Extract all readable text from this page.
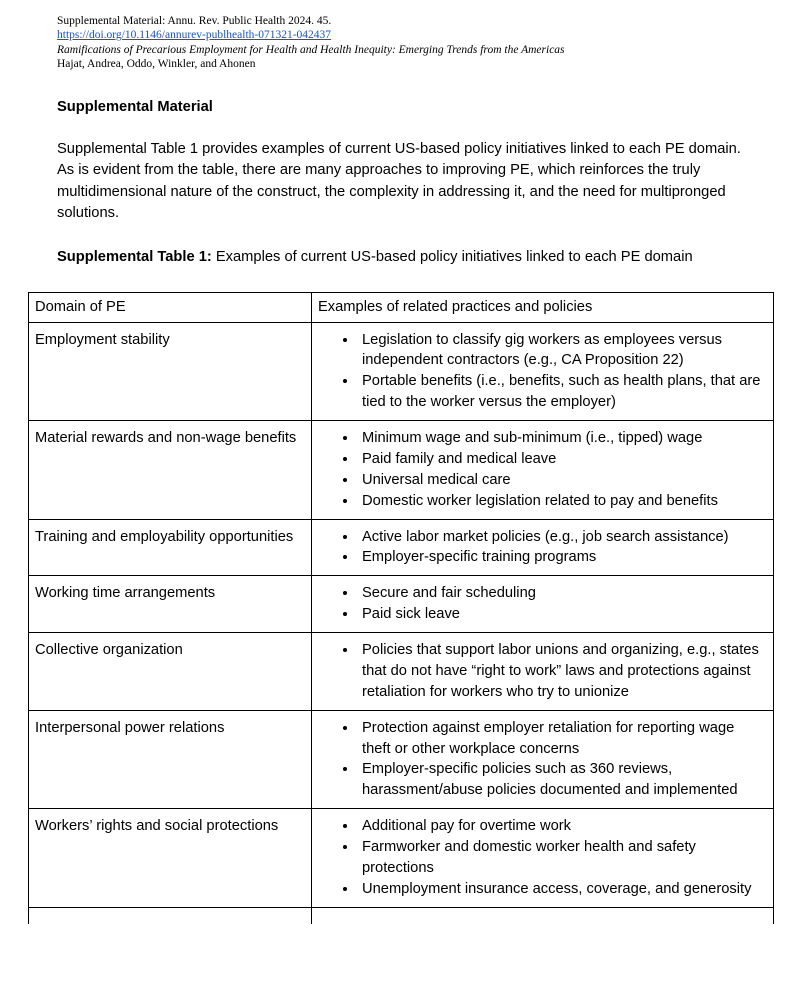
Supplemental Material: Annu. Rev. Public Health 2024. 45.
https://doi.org/10.1146/annurev-publhealth-071321-042437
Ramifications of Precarious Employment for Health and Health Inequity: Emerging Trends from the Americas
Hajat, Andrea, Oddo, Winkler, and Ahonen
Supplemental Material

Supplemental Table 1 provides examples of current US-based policy initiatives linked to each PE domain. As is evident from the table, there are many approaches to improving PE, which reinforces the truly multidimensional nature of the construct, the complexity in addressing it, and the need for multipronged solutions.

Supplemental Table 1: Examples of current US-based policy initiatives linked to each PE domain

Domain of PE	Examples of related practices and policies
Employment stability	
•Legislation to classify gig workers as employees versus independent contractors (e.g., CA Proposition 22)
• Portable benefits (i.e., benefits, such as health plans, that are tied to the worker versus the employer)

Material rewards and non-wage benefits	
•Minimum wage and sub-minimum (i.e., tipped) wage
• Paid family and medical leave
• Universal medical care
• Domestic worker legislation related to pay and benefits

Training and employability opportunities	
•Active labor market policies (e.g., job search assistance)
• Employer-specific training programs

Working time arrangements	
•Secure and fair scheduling
• Paid sick leave

Collective organization	
•Policies that support labor unions and organizing, e.g., states that do not have “right to work” laws and protections against retaliation for workers who try to unionize

Interpersonal power relations	
•Protection against employer retaliation for reporting wage theft or other workplace concerns
• Employer-specific policies such as 360 reviews, harassment/abuse policies documented and implemented

Workers’ rights and social protections	
•Additional pay for overtime work
• Farmworker and domestic worker health and safety protections
• Unemployment insurance access, coverage, and generosity
